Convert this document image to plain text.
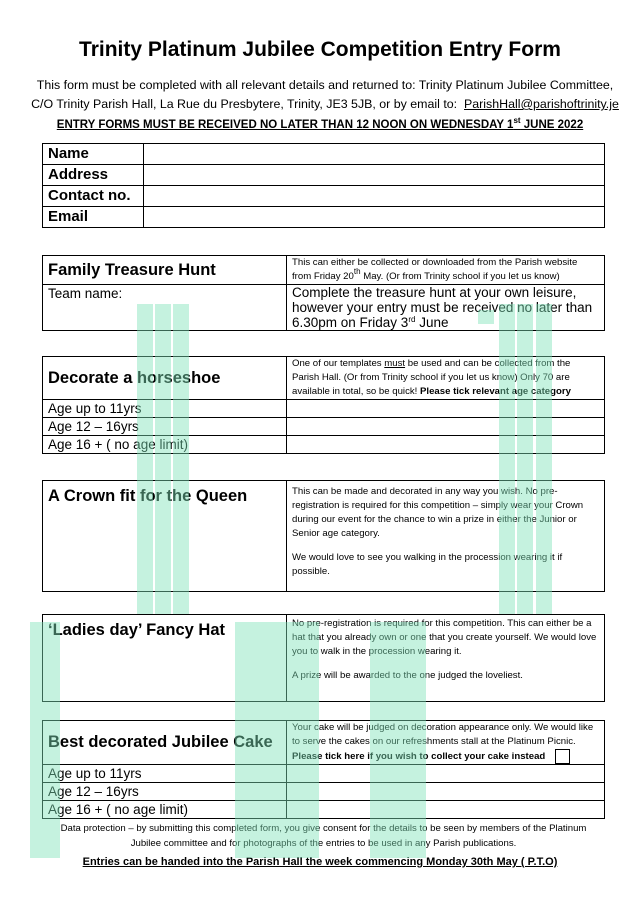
Trinity Platinum Jubilee Competition Entry Form
This form must be completed with all relevant details and returned to: Trinity Platinum Jubilee Committee,
C/O Trinity Parish Hall, La Rue du Presbytere, Trinity, JE3 5JB, or by email to: ParishHall@parishoftrinity.je
ENTRY FORMS MUST BE RECEIVED NO LATER THAN 12 NOON ON WEDNESDAY 1st JUNE 2022
Name	
Address	
Contact no.	
Email	
Family Treasure Hunt	This can either be collected or downloaded from the Parish website from Friday 20th May. (Or from Trinity school if you let us know)
Team name:	Complete the treasure hunt at your own leisure, however your entry must be received no later than 6.30pm on Friday 3rd June
Decorate a horseshoe	One of our templates must be used and can be collected from the Parish Hall. (Or from Trinity school if you let us know) Only 70 are available in total, so be quick! Please tick relevant age category
Age up to 11yrs	
Age 12 – 16yrs	
Age 16 + ( no age limit)	
A Crown fit for the Queen	This can be made and decorated in any way you wish. No pre-registration is required for this competition – simply wear your Crown during our event for the chance to win a prize in either the Junior or Senior age category.
We would love to see you walking in the procession wearing it if possible.
‘Ladies day’ Fancy Hat	No pre-registration is required for this competition. This can either be a hat that you already own or one that you create yourself. We would love you to walk in the procession wearing it.
A prize will be awarded to the one judged the loveliest.
Best decorated Jubilee Cake	Your cake will be judged on decoration appearance only. We would like to serve the cakes on our refreshments stall at the Platinum Picnic. Please tick here if you wish to collect your cake instead
Age up to 11yrs	
Age 12 – 16yrs	
Age 16 + ( no age limit)	
Data protection – by submitting this completed form, you give consent for the details to be seen by members of the Platinum Jubilee committee and for photographs of the entries to be used in any Parish publications.
Entries can be handed into the Parish Hall the week commencing Monday 30th May ( P.T.O)
